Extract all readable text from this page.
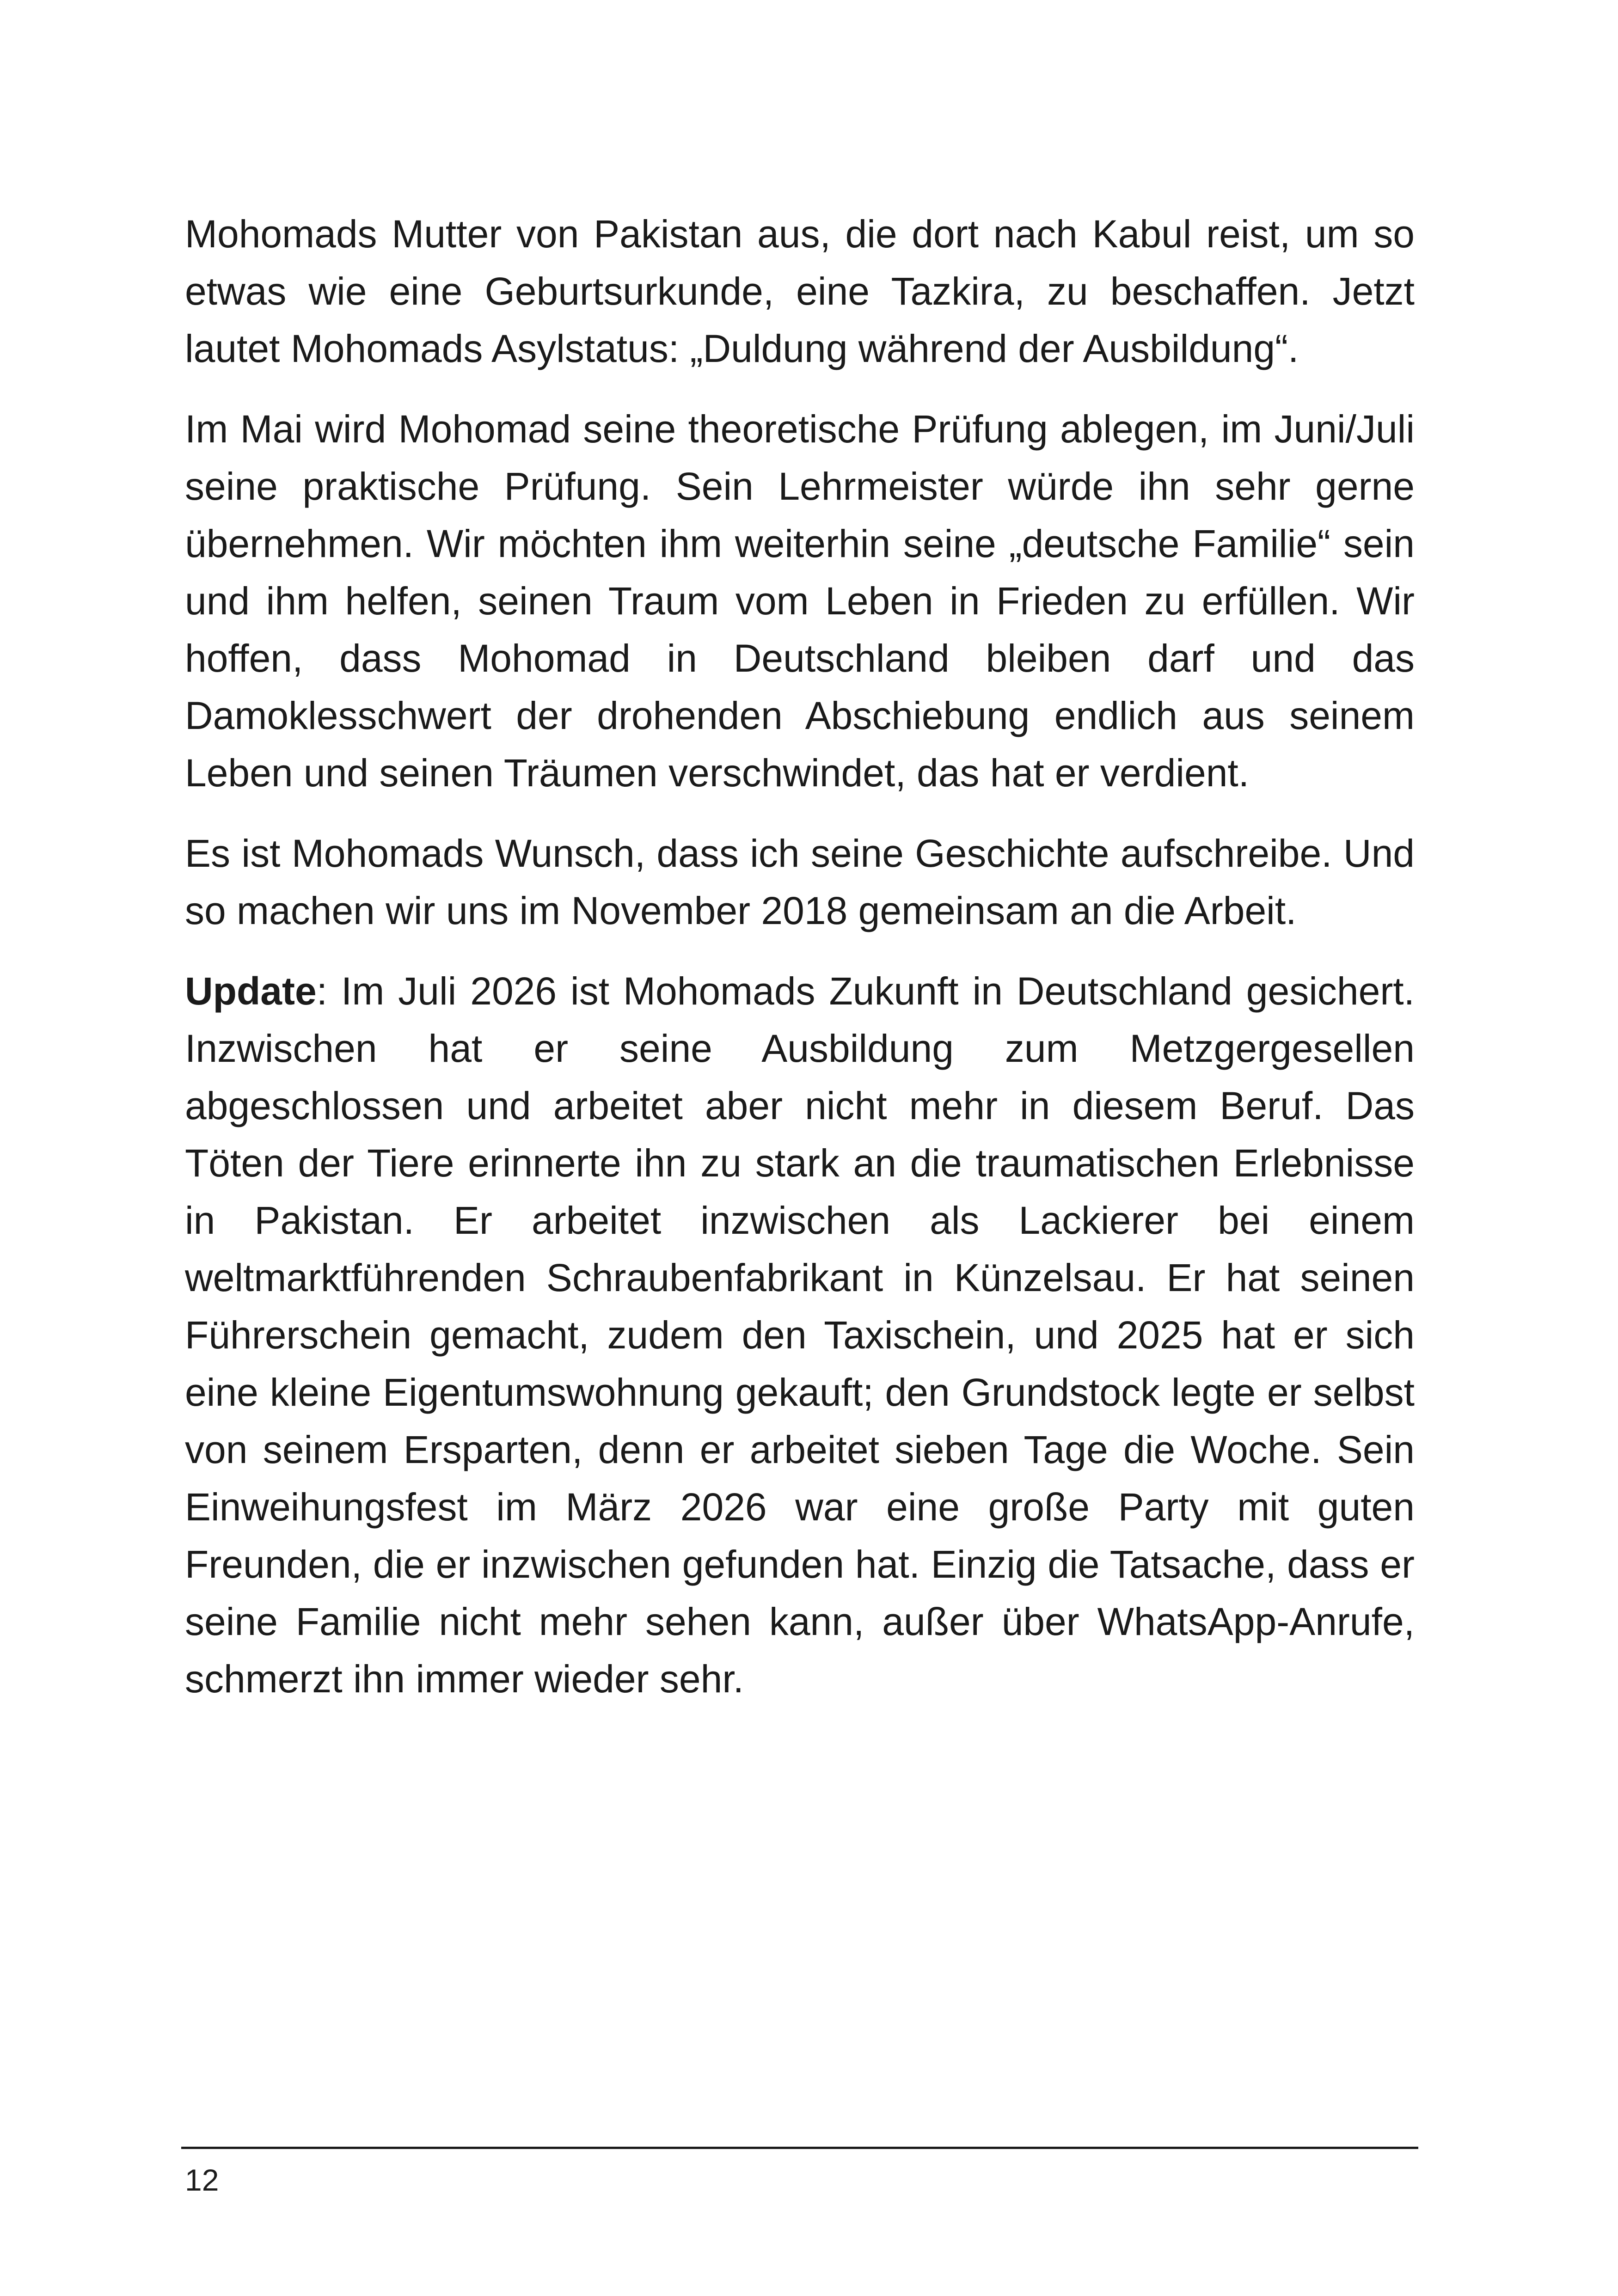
Mohomads Mutter von Pakistan aus, die dort nach Kabul reist, um so etwas wie eine Geburtsurkunde, eine Tazkira, zu beschaffen. Jetzt lautet Mohomads Asylstatus: „Duldung während der Ausbildung“.

Im Mai wird Mohomad seine theoretische Prüfung ablegen, im Juni/Juli seine praktische Prüfung. Sein Lehrmeister würde ihn sehr gerne übernehmen. Wir möchten ihm weiterhin seine „deutsche Familie“ sein und ihm helfen, seinen Traum vom Leben in Frieden zu erfüllen. Wir hoffen, dass Mohomad in Deutschland bleiben darf und das Damoklesschwert der drohenden Abschiebung endlich aus seinem Leben und seinen Träumen verschwindet, das hat er verdient.

Es ist Mohomads Wunsch, dass ich seine Geschichte aufschreibe. Und so machen wir uns im November 2018 gemeinsam an die Arbeit.

Update: Im Juli 2026 ist Mohomads Zukunft in Deutschland gesichert. Inzwischen hat er seine Ausbildung zum Metzgergesellen abgeschlossen und arbeitet aber nicht mehr in diesem Beruf. Das Töten der Tiere erinnerte ihn zu stark an die traumatischen Erlebnisse in Pakistan. Er arbeitet inzwischen als Lackierer bei einem weltmarktführenden Schraubenfabrikant in Künzelsau. Er hat seinen Führerschein gemacht, zudem den Taxischein, und 2025 hat er sich eine kleine Eigentumswohnung gekauft; den Grundstock legte er selbst von seinem Ersparten, denn er arbeitet sieben Tage die Woche. Sein Einweihungsfest im März 2026 war eine große Party mit guten Freunden, die er inzwischen gefunden hat. Einzig die Tatsache, dass er seine Familie nicht mehr sehen kann, außer über WhatsApp-Anrufe, schmerzt ihn immer wieder sehr.

12
